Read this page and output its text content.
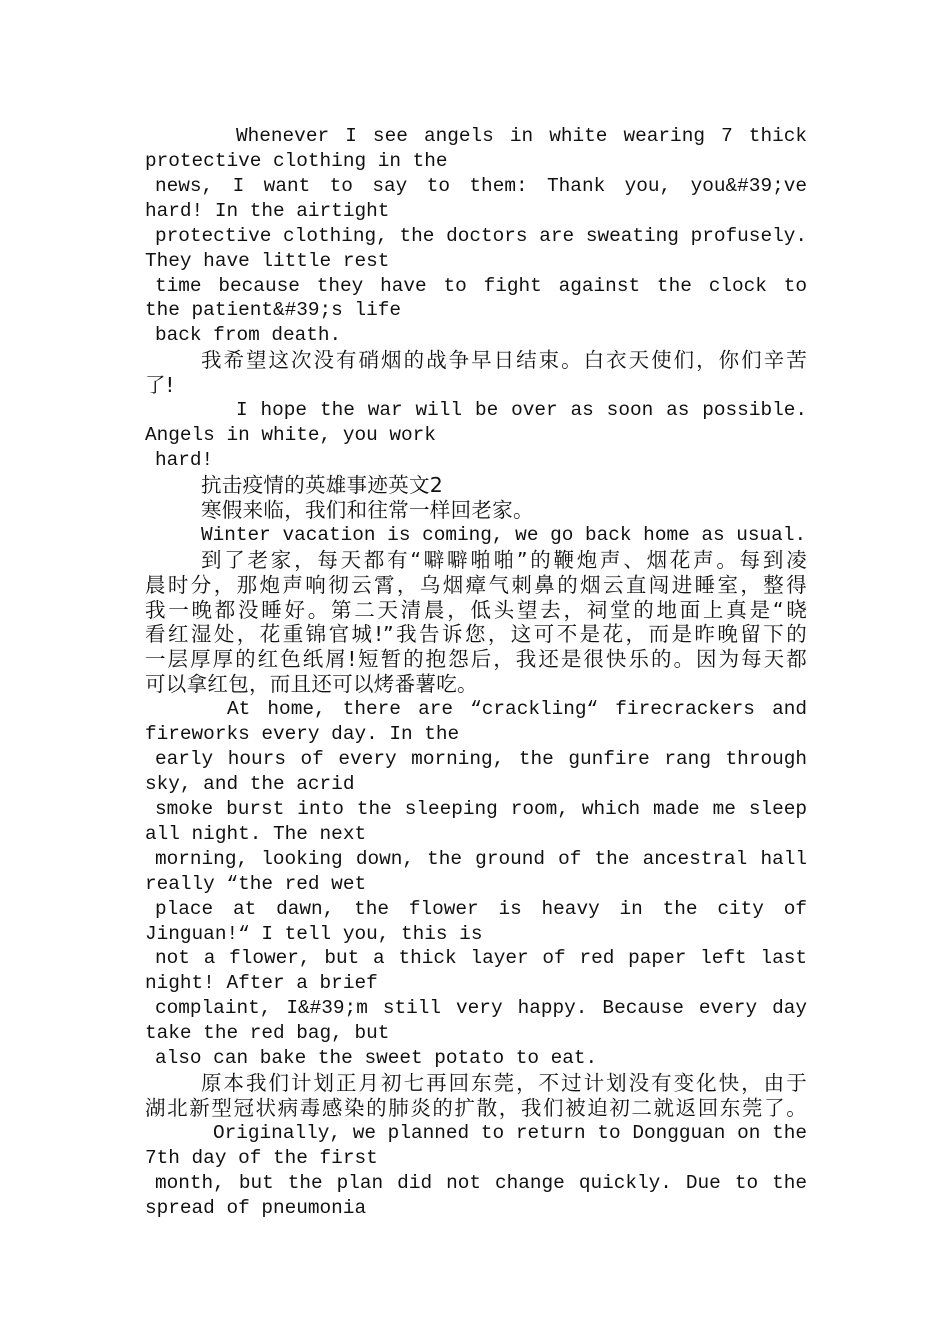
Whenever I see angels in white wearing 7 thick
protective clothing in the
news, I want to say to them: Thank you, you&#39;ve
hard! In the airtight
protective clothing, the doctors are sweating profusely.
They have little rest
time because they have to fight against the clock to
the patient&#39;s life
back from death.
我希望这次没有硝烟的战争早日结束。白衣天使们，你们辛苦
了!
I hope the war will be over as soon as possible.
Angels in white, you work
hard!
抗击疫情的英雄事迹英文2
寒假来临，我们和往常一样回老家。
Winter vacation is coming, we go back home as usual.
到了老家，每天都有“噼噼啪啪”的鞭炮声、烟花声。每到凌
晨时分，那炮声响彻云霄，乌烟瘴气刺鼻的烟云直闯进睡室，整得
我一晚都没睡好。第二天清晨，低头望去，祠堂的地面上真是“晓
看红湿处，花重锦官城!”我告诉您，这可不是花，而是昨晚留下的
一层厚厚的红色纸屑!短暂的抱怨后，我还是很快乐的。因为每天都
可以拿红包，而且还可以烤番薯吃。
At home, there are “crackling“ firecrackers and
fireworks every day. In the
early hours of every morning, the gunfire rang through
sky, and the acrid
smoke burst into the sleeping room, which made me sleep
all night. The next
morning, looking down, the ground of the ancestral hall
really “the red wet
place at dawn, the flower is heavy in the city of
Jinguan!“ I tell you, this is
not a flower, but a thick layer of red paper left last
night! After a brief
complaint, I&#39;m still very happy. Because every day
take the red bag, but
also can bake the sweet potato to eat.
原本我们计划正月初七再回东莞，不过计划没有变化快，由于
湖北新型冠状病毒感染的肺炎的扩散，我们被迫初二就返回东莞了。
Originally, we planned to return to Dongguan on the
7th day of the first
month, but the plan did not change quickly. Due to the
spread of pneumonia
